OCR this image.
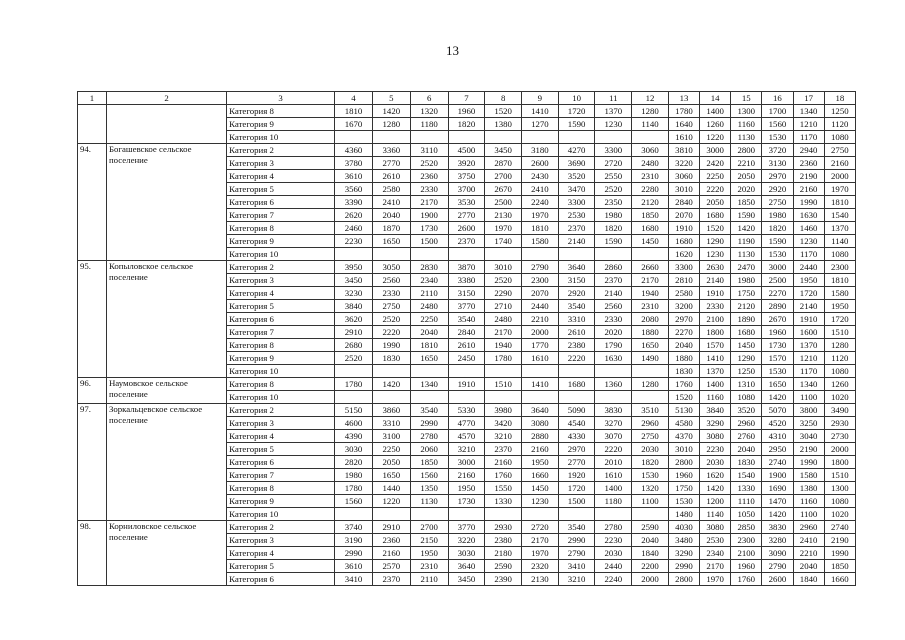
13
1	2	3	4	5	6	7	8	9	10	11	12	13	14	15	16	17	18
		Категория 8	1810	1420	1320	1960	1520	1410	1720	1370	1280	1780	1400	1300	1700	1340	1250
		Категория 9	1670	1280	1180	1820	1380	1270	1590	1230	1140	1640	1260	1160	1560	1210	1120
		Категория 10										1610	1220	1130	1530	1170	1080
94.	Богашевское сельское поселение	Категория 2	4360	3360	3110	4500	3450	3180	4270	3300	3060	3810	3000	2800	3720	2940	2750
		Категория 3	3780	2770	2520	3920	2870	2600	3690	2720	2480	3220	2420	2210	3130	2360	2160
		Категория 4	3610	2610	2360	3750	2700	2430	3520	2550	2310	3060	2250	2050	2970	2190	2000
		Категория 5	3560	2580	2330	3700	2670	2410	3470	2520	2280	3010	2220	2020	2920	2160	1970
		Категория 6	3390	2410	2170	3530	2500	2240	3300	2350	2120	2840	2050	1850	2750	1990	1810
		Категория 7	2620	2040	1900	2770	2130	1970	2530	1980	1850	2070	1680	1590	1980	1630	1540
		Категория 8	2460	1870	1730	2600	1970	1810	2370	1820	1680	1910	1520	1420	1820	1460	1370
		Категория 9	2230	1650	1500	2370	1740	1580	2140	1590	1450	1680	1290	1190	1590	1230	1140
		Категория 10										1620	1230	1130	1530	1170	1080
95.	Копыловское сельское поселение	Категория 2	3950	3050	2830	3870	3010	2790	3640	2860	2660	3300	2630	2470	3000	2440	2300
		Категория 3	3450	2560	2340	3380	2520	2300	3150	2370	2170	2810	2140	1980	2500	1950	1810
		Категория 4	3230	2330	2110	3150	2290	2070	2920	2140	1940	2580	1910	1750	2270	1720	1580
		Категория 5	3840	2750	2480	3770	2710	2440	3540	2560	2310	3200	2330	2120	2890	2140	1950
		Категория 6	3620	2520	2250	3540	2480	2210	3310	2330	2080	2970	2100	1890	2670	1910	1720
		Категория 7	2910	2220	2040	2840	2170	2000	2610	2020	1880	2270	1800	1680	1960	1600	1510
		Категория 8	2680	1990	1810	2610	1940	1770	2380	1790	1650	2040	1570	1450	1730	1370	1280
		Категория 9	2520	1830	1650	2450	1780	1610	2220	1630	1490	1880	1410	1290	1570	1210	1120
		Категория 10										1830	1370	1250	1530	1170	1080
96.	Наумовское сельское поселение	Категория 8	1780	1420	1340	1910	1510	1410	1680	1360	1280	1760	1400	1310	1650	1340	1260
		Категория 10										1520	1160	1080	1420	1100	1020
97.	Зоркальцевское сельское поселение	Категория 2	5150	3860	3540	5330	3980	3640	5090	3830	3510	5130	3840	3520	5070	3800	3490
		Категория 3	4600	3310	2990	4770	3420	3080	4540	3270	2960	4580	3290	2960	4520	3250	2930
		Категория 4	4390	3100	2780	4570	3210	2880	4330	3070	2750	4370	3080	2760	4310	3040	2730
		Категория 5	3030	2250	2060	3210	2370	2160	2970	2220	2030	3010	2230	2040	2950	2190	2000
		Категория 6	2820	2050	1850	3000	2160	1950	2770	2010	1820	2800	2030	1830	2740	1990	1800
		Категория 7	1980	1650	1560	2160	1760	1660	1920	1610	1530	1960	1620	1540	1900	1580	1510
		Категория 8	1780	1440	1350	1950	1550	1450	1720	1400	1320	1750	1420	1330	1690	1380	1300
		Категория 9	1560	1220	1130	1730	1330	1230	1500	1180	1100	1530	1200	1110	1470	1160	1080
		Категория 10										1480	1140	1050	1420	1100	1020
98.	Корниловское сельское поселение	Категория 2	3740	2910	2700	3770	2930	2720	3540	2780	2590	4030	3080	2850	3830	2960	2740
		Категория 3	3190	2360	2150	3220	2380	2170	2990	2230	2040	3480	2530	2300	3280	2410	2190
		Категория 4	2990	2160	1950	3030	2180	1970	2790	2030	1840	3290	2340	2100	3090	2210	1990
		Категория 5	3610	2570	2310	3640	2590	2320	3410	2440	2200	2990	2170	1960	2790	2040	1850
		Категория 6	3410	2370	2110	3450	2390	2130	3210	2240	2000	2800	1970	1760	2600	1840	1660
